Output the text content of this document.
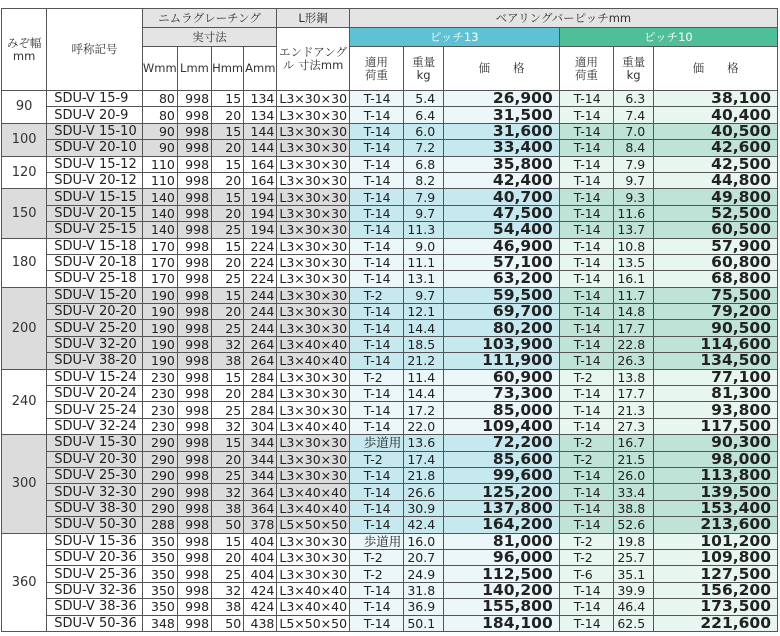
みぞ幅 mm	呼称記号	ニムラグレーチング				L形鋼	ベアリングバーピッチmm					
		実寸法				エンドアングル 寸法mm	ピッチ13			ピッチ10		
		Wmm	Lmm	Hmm	Amm		適用 荷重	重量 kg	価　　格	適用 荷重	重量 kg	価　　格
90	SDU-V 15-9	80	998	15	134	L3×30×30	T-14	5.4	26,900	T-14	6.3	38,100
	SDU-V 20-9	80	998	20	134	L3×30×30	T-14	6.4	31,500	T-14	7.4	40,400
100	SDU-V 15-10	90	998	15	144	L3×30×30	T-14	6.0	31,600	T-14	7.0	40,500
	SDU-V 20-10	90	998	20	144	L3×30×30	T-14	7.2	33,400	T-14	8.4	42,600
120	SDU-V 15-12	110	998	15	164	L3×30×30	T-14	6.8	35,800	T-14	7.9	42,500
	SDU-V 20-12	110	998	20	164	L3×30×30	T-14	8.2	42,400	T-14	9.7	44,800
150	SDU-V 15-15	140	998	15	194	L3×30×30	T-14	7.9	40,700	T-14	9.3	49,800
	SDU-V 20-15	140	998	20	194	L3×30×30	T-14	9.7	47,500	T-14	11.6	52,500
	SDU-V 25-15	140	998	25	194	L3×30×30	T-14	11.3	54,400	T-14	13.7	60,500
180	SDU-V 15-18	170	998	15	224	L3×30×30	T-14	9.0	46,900	T-14	10.8	57,900
	SDU-V 20-18	170	998	20	224	L3×30×30	T-14	11.1	57,100	T-14	13.5	60,800
	SDU-V 25-18	170	998	25	224	L3×30×30	T-14	13.1	63,200	T-14	16.1	68,800
200	SDU-V 15-20	190	998	15	244	L3×30×30	T-2	9.7	59,500	T-14	11.7	75,500
	SDU-V 20-20	190	998	20	244	L3×30×30	T-14	12.1	69,700	T-14	14.8	79,200
	SDU-V 25-20	190	998	25	244	L3×30×30	T-14	14.4	80,200	T-14	17.7	90,500
	SDU-V 32-20	190	998	32	264	L3×40×40	T-14	18.5	103,900	T-14	22.8	114,600
	SDU-V 38-20	190	998	38	264	L3×40×40	T-14	21.2	111,900	T-14	26.3	134,500
240	SDU-V 15-24	230	998	15	284	L3×30×30	T-2	11.4	60,900	T-2	13.8	77,100
	SDU-V 20-24	230	998	20	284	L3×30×30	T-14	14.4	73,300	T-14	17.7	81,300
	SDU-V 25-24	230	998	25	284	L3×30×30	T-14	17.2	85,000	T-14	21.3	93,800
	SDU-V 32-24	230	998	32	304	L3×40×40	T-14	22.0	109,400	T-14	27.3	117,500
300	SDU-V 15-30	290	998	15	344	L3×30×30	歩道用	13.6	72,200	T-2	16.7	90,300
	SDU-V 20-30	290	998	20	344	L3×30×30	T-2	17.4	85,600	T-2	21.5	98,000
	SDU-V 25-30	290	998	25	344	L3×30×30	T-14	21.8	99,600	T-14	26.0	113,800
	SDU-V 32-30	290	998	32	364	L3×40×40	T-14	26.6	125,200	T-14	33.4	139,500
	SDU-V 38-30	290	998	38	364	L3×40×40	T-14	30.9	137,800	T-14	38.8	153,400
	SDU-V 50-30	288	998	50	378	L5×50×50	T-14	42.4	164,200	T-14	52.6	213,600
360	SDU-V 15-36	350	998	15	404	L3×30×30	歩道用	16.0	81,000	T-2	19.8	101,200
	SDU-V 20-36	350	998	20	404	L3×30×30	T-2	20.7	96,000	T-2	25.7	109,800
	SDU-V 25-36	350	998	25	404	L3×30×30	T-2	24.9	112,500	T-6	35.1	127,500
	SDU-V 32-36	350	998	32	424	L3×40×40	T-14	31.8	140,200	T-14	39.9	156,200
	SDU-V 38-36	350	998	38	424	L3×40×40	T-14	36.9	155,800	T-14	46.4	173,500
	SDU-V 50-36	348	998	50	438	L5×50×50	T-14	50.1	184,100	T-14	62.5	221,600
